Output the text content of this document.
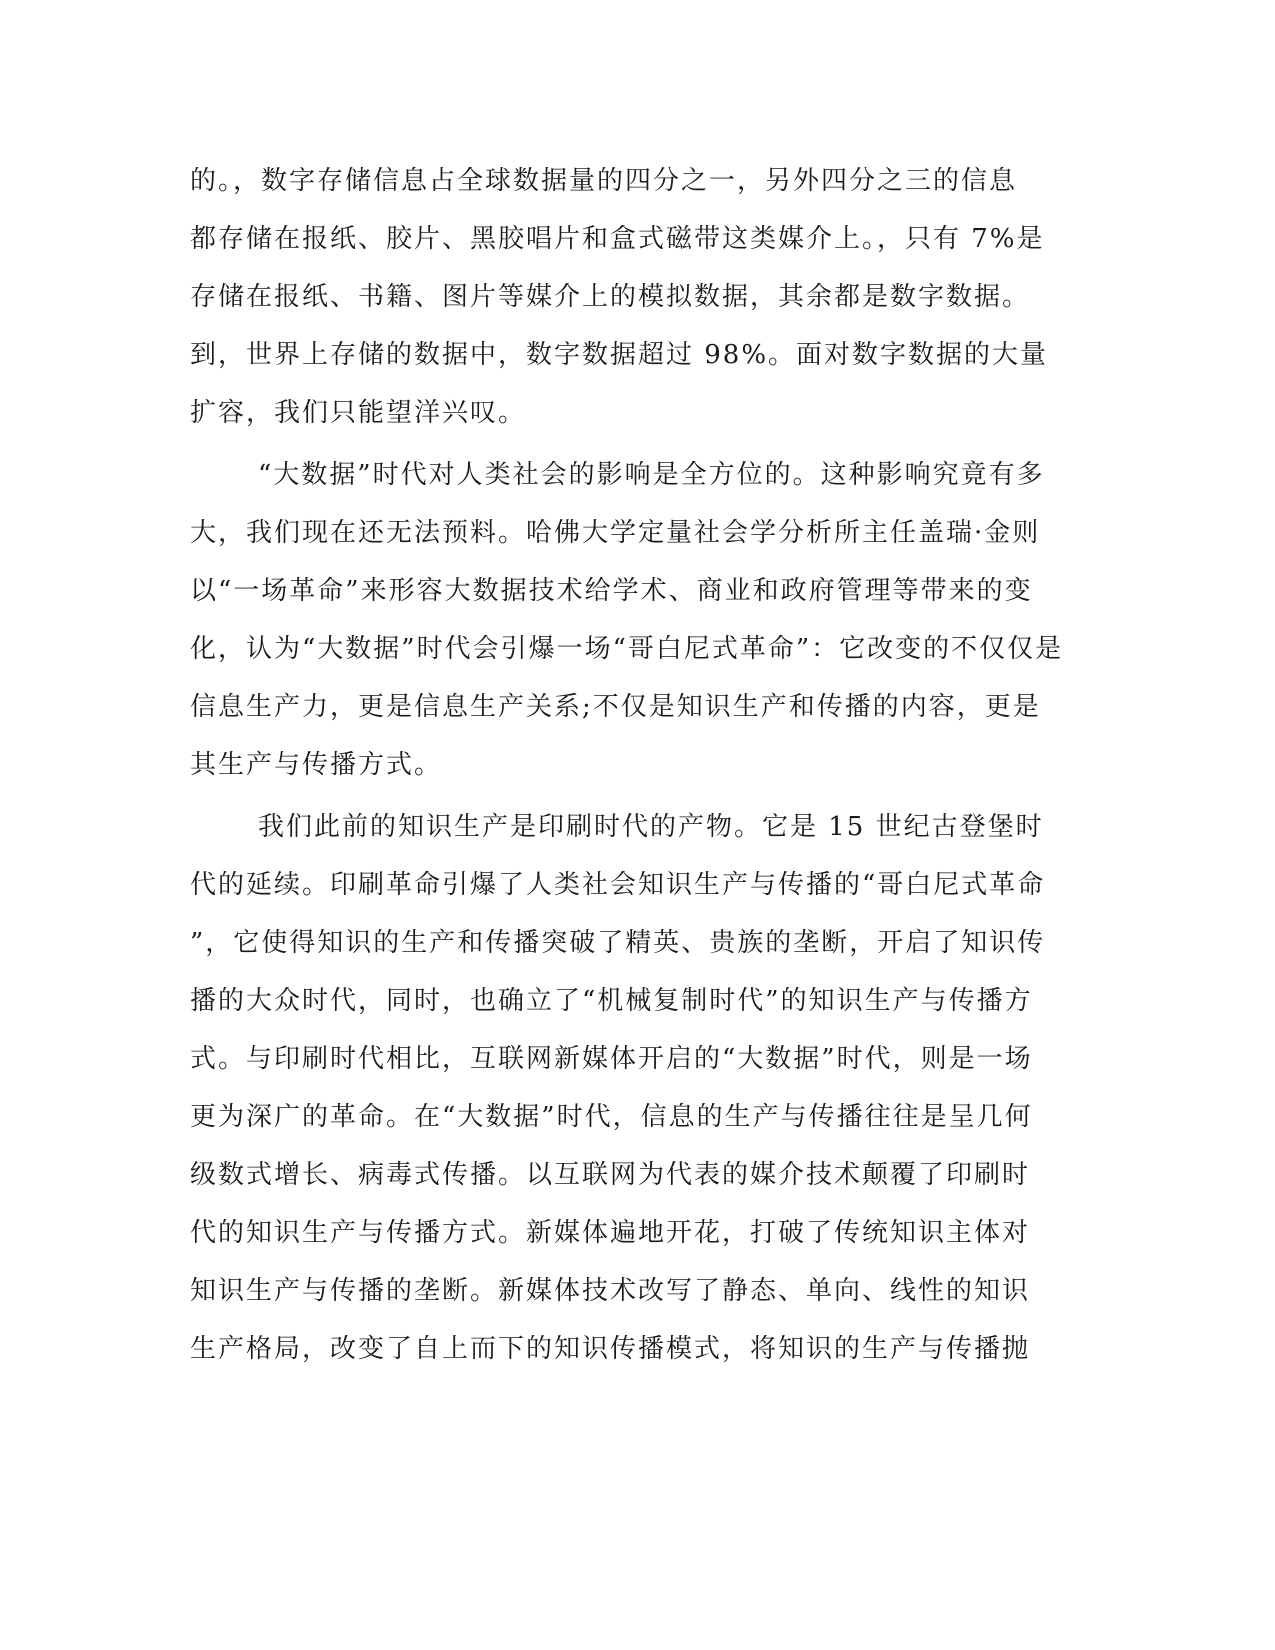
的。，数字存储信息占全球数据量的四分之一，另外四分之三的信息

都存储在报纸、胶片、黑胶唱片和盒式磁带这类媒介上。，只有 7%是

存储在报纸、书籍、图片等媒介上的模拟数据，其余都是数字数据。

到，世界上存储的数据中，数字数据超过 98%。面对数字数据的大量

扩容，我们只能望洋兴叹。

“大数据”时代对人类社会的影响是全方位的。这种影响究竟有多

大，我们现在还无法预料。哈佛大学定量社会学分析所主任盖瑞·金则

以“一场革命”来形容大数据技术给学术、商业和政府管理等带来的变

化，认为“大数据”时代会引爆一场“哥白尼式革命”：它改变的不仅仅是

信息生产力，更是信息生产关系;不仅是知识生产和传播的内容，更是

其生产与传播方式。

我们此前的知识生产是印刷时代的产物。它是 15 世纪古登堡时

代的延续。印刷革命引爆了人类社会知识生产与传播的“哥白尼式革命

”，它使得知识的生产和传播突破了精英、贵族的垄断，开启了知识传

播的大众时代，同时，也确立了“机械复制时代”的知识生产与传播方

式。与印刷时代相比，互联网新媒体开启的“大数据”时代，则是一场

更为深广的革命。在“大数据”时代，信息的生产与传播往往是呈几何

级数式增长、病毒式传播。以互联网为代表的媒介技术颠覆了印刷时

代的知识生产与传播方式。新媒体遍地开花，打破了传统知识主体对

知识生产与传播的垄断。新媒体技术改写了静态、单向、线性的知识

生产格局，改变了自上而下的知识传播模式，将知识的生产与传播抛
